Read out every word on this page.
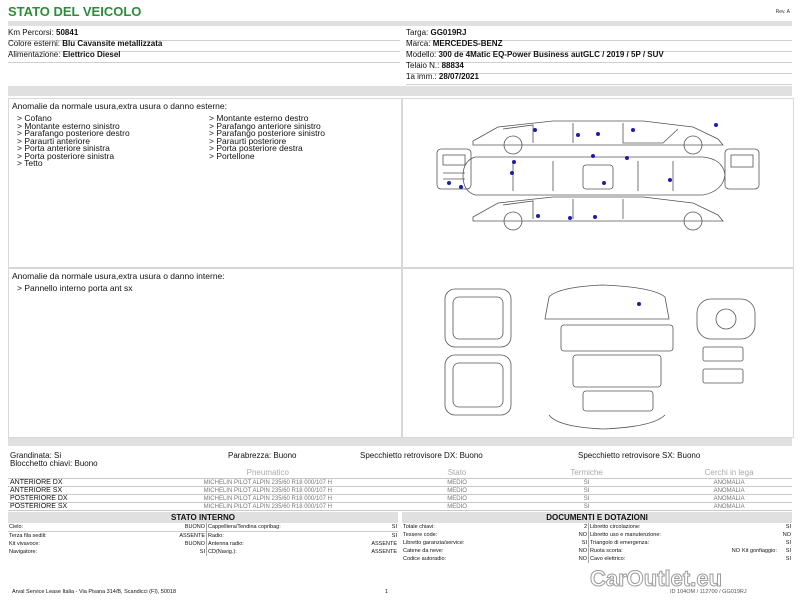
STATO DEL VEICOLO	Rev. A
Km Percorsi: 50841
Colore esterni: Blu Cavansite metallizzata
Alimentazione: Elettrico Diesel
Targa: GG019RJ
Marca: MERCEDES-BENZ
Modello: 300 de 4Matic EQ-Power Business autGLC / 2019 / 5P / SUV
Telaio N.: 88834
1a imm.: 28/07/2021
Anomalie da normale usura,extra usura o danno esterne:
> Cofano
> Montante esterno sinistro
> Parafango posteriore destro
> Paraurti anteriore
> Porta anteriore sinistra
> Porta posteriore sinistra
> Tetto
> Montante esterno destro
> Parafango anteriore sinistro
> Parafango posteriore sinistro
> Paraurti posteriore
> Porta posteriore destra
> Portellone
Anomalie da normale usura,extra usura o danno interne:
> Pannello interno porta ant sx
Grandinata: Si	Parabrezza: Buono	Specchietto retrovisore DX: Buono	Specchietto retrovisore SX: Buono
Blocchetto chiavi: Buono
	Pneumatico	Stato	Termiche		Cerchi in lega
ANTERIORE DX	MICHELIN PILOT ALPIN 235/60 R18 000/107 H	MEDIO	SI		ANOMALIA
ANTERIORE SX	MICHELIN PILOT ALPIN 235/60 R18 000/107 H	MEDIO	SI		ANOMALIA
POSTERIORE DX	MICHELIN PILOT ALPIN 235/60 R18 000/107 H	MEDIO	SI		ANOMALIA
POSTERIORE SX	MICHELIN PILOT ALPIN 235/60 R18 000/107 H	MEDIO	SI		ANOMALIA
STATO INTERNO			
Cielo:	BUONO	Cappelliera/Tendina copribag:	SI
Terza fila sedili:	ASSENTE	Radio:	SI
Kit vivavoce:	BUONO	Antenna radio:	ASSENTE
Navigatore:	SI	CD(Navig.):	ASSENTE
DOCUMENTI E DOTAZIONI			
Totale chiavi:	2	Libretto circolazione:	SI
Tessere code:	NO	Libretto uso e manutenzione:	NO
Libretto garanzia/service:	SI	Triangolo di emergenza:	SI
Catene da neve:	NO	Ruota scorta: NO	Kit gonfiaggio: SI

Codice autoradio:	NO	Cavo elettrico:	SI
Arval Service Lease Italia - Via Pisana 314/B, Scandicci (FI), 50018	1	ID 104OM / 112700 / GG019RJ
CarOutlet.eu
